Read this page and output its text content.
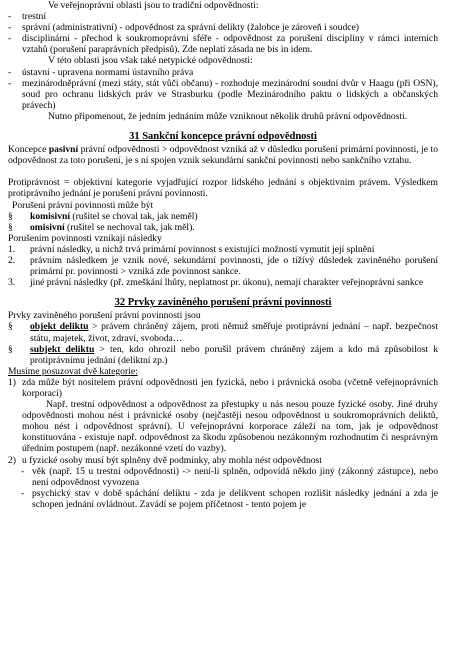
Ve veřejnoprávní oblasti jsou to tradiční odpovědnosti:

- trestní

- správní (administrativní) - odpovědnost za správní delikty (žalobce je zároveň i soudce)

- disciplinární - přechod k soukromoprávní sféře - odpovědnost za porušení disciplíny v rámci interních vztahů (porušení paraprávních předpisů). Zde neplatí zásada ne bis in idem.

V této oblasti jsou však také netypické odpovědnosti:

- ústavní - upravena normami ústavního práva

- mezinárodněprávní (mezi státy, stát vůči občanu) - rozhoduje mezinárodní soudní dvůr v Haagu (při OSN), soud pro ochranu lidských práv ve Strasburku (podle Mezinárodního paktu o lidských a občanských právech)

Nutno připomenout, že jedním jednáním může vzniknout několik druhů právní odpovědnosti.

31 Sankční koncepce právní odpovědnosti

Koncepce pasivní právní odpovědnosti > odpovědnost vzniká až v důsledku porušení primární povinnosti, je to odpovědnost za toto porušení, je s ní spojen vznik sekundární sankční povinnosti nebo sankčního vztahu.

Protiprávnost = objektivní kategorie vyjadřující rozpor lidského jednání s objektivním právem. Výsledkem protiprávního jednání je porušení právní povinnosti.

Porušení právní povinnosti může být

§ komisivní (rušitel se choval tak, jak neměl)

§ omisivní (rušitel se nechoval tak, jak měl).

Porušením povinnosti vznikají následky

1. právní následky, u nichž trvá primární povinnost s existující možností vymutit její splnění

2. právním následkem je vznik nové, sekundární povinnosti, jde o tížívý důsledek zaviněného porušení primární pr. povinnosti > vzniká zde povinnost sankce.

3. jiné právní následky (př. zmeškání lhůty, neplatnost pr. úkonu), nemají charakter veřejnoprávní sankce

32 Prvky zaviněného porušení právní povinnosti

Prvky zaviněného porušení právní povinnosti jsou

§ objekt deliktu > právem chráněný zájem, proti němuž směřuje protiprávní jednání – např. bezpečnost státu, majetek, život, zdraví, svoboda…

§ subjekt deliktu > ten, kdo ohrozil nebo porušil právem chráněný zájem a kdo má způsobilost k protiprávnímu jednání (deliktní zp.)

Musíme posuzovat dvě kategorie:

1) zda může být nositelem právní odpovědnosti jen fyzická, nebo i právnická osoba (včetně veřejnoprávních korporací)

Např. trestní odpovědnost a odpovědnost za přestupky u nás nesou pouze fyzické osoby. Jiné druhy odpovědnosti mohou nést i právnické osoby (nejčastěji nesou odpovědnost u soukromoprávních deliktů, mohou nést i odpovědnost správní). U veřejnoprávní korporace záleží na tom, jak je odpovědnost konstituována - existuje např. odpovědnost za škodu způsobenou nezákonným rozhodnutím či nesprávným úředním postupem (např. nezákonné vzetí do vazby).

2) u fyzické osoby musí být splněny dvě podmínky, aby mohla nést odpovědnost

- věk (např. 15 u trestní odpovědnosti) -> není-li splněn, odpovídá někdo jiný (zákonný zástupce), nebo není odpovědnost vyvozena

- psychický stav v době spáchání deliktu - zda je delikvent schopen rozlišit následky jednání a zda je schopen jednání ovládnout. Zavádí se pojem příčetnost - tento pojem je
